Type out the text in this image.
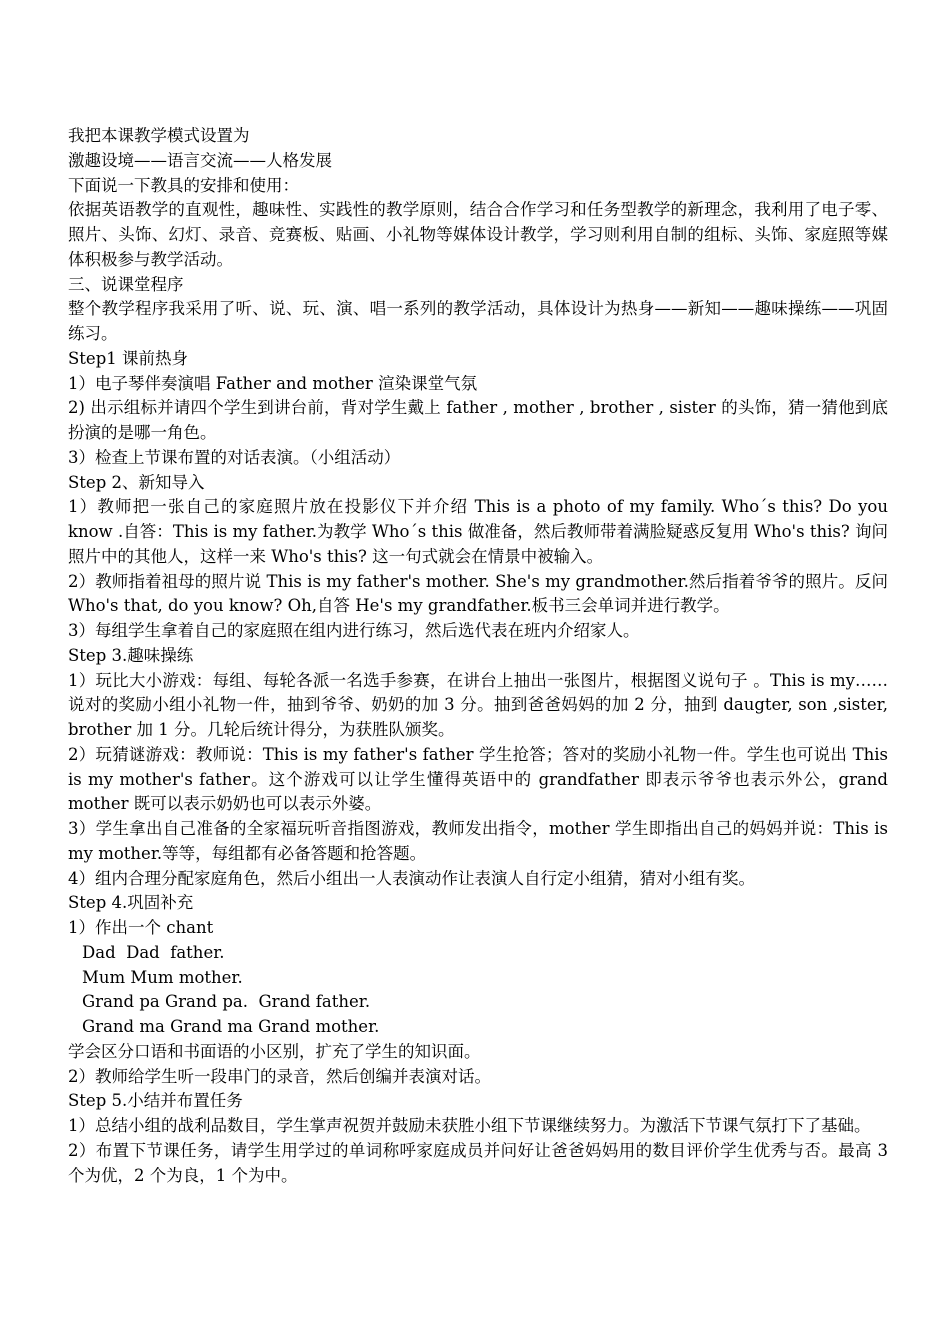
我把本课教学模式设置为
激趣设境——语言交流——人格发展
下面说一下教具的安排和使用：
依据英语教学的直观性，趣味性、实践性的教学原则，结合合作学习和任务型教学的新理念，我利用了电子零、照片、头饰、幻灯、录音、竞赛板、贴画、小礼物等媒体设计教学，学习则利用自制的组标、头饰、家庭照等媒体积极参与教学活动。
三、说课堂程序
整个教学程序我采用了听、说、玩、演、唱一系列的教学活动，具体设计为热身——新知——趣味操练——巩固练习。
Step1 课前热身
1）电子琴伴奏演唱 Father and mother 渲染课堂气氛
2) 出示组标并请四个学生到讲台前，背对学生戴上 father , mother , brother , sister 的头饰，猜一猜他到底扮演的是哪一角色。
3）检查上节课布置的对话表演。（小组活动）
Step 2、新知导入
1）教师把一张自己的家庭照片放在投影仪下并介绍 This is a photo of my family. Who´s this? Do you know .自答：This is my father.为教学 Who´s this 做准备，然后教师带着满脸疑惑反复用 Who's this? 询问照片中的其他人，这样一来 Who's this? 这一句式就会在情景中被输入。
2）教师指着祖母的照片说 This is my father's mother. She's my grandmother.然后指着爷爷的照片。反问 Who's that, do you know? Oh,自答 He's my grandfather.板书三会单词并进行教学。
3）每组学生拿着自己的家庭照在组内进行练习，然后选代表在班内介绍家人。
Step 3.趣味操练
1）玩比大小游戏：每组、每轮各派一名选手参赛，在讲台上抽出一张图片，根据图义说句子 。This is my……说对的奖励小组小礼物一件，抽到爷爷、奶奶的加 3 分。抽到爸爸妈妈的加 2 分，抽到 daugter, son ,sister, brother 加 1 分。几轮后统计得分，为获胜队颁奖。
2）玩猜谜游戏：教师说：This is my father's father 学生抢答；答对的奖励小礼物一件。学生也可说出 This is my mother's father。这个游戏可以让学生懂得英语中的 grandfather 即表示爷爷也表示外公，grand mother 既可以表示奶奶也可以表示外婆。
3）学生拿出自己准备的全家福玩听音指图游戏，教师发出指令，mother 学生即指出自己的妈妈并说：This is my mother.等等，每组都有必备答题和抢答题。
4）组内合理分配家庭角色，然后小组出一人表演动作让表演人自行定小组猜，猜对小组有奖。
Step 4.巩固补充
1）作出一个 chant
Dad  Dad  father.
Mum Mum mother.
Grand pa Grand pa.  Grand father.
Grand ma Grand ma Grand mother.
学会区分口语和书面语的小区别，扩充了学生的知识面。
2）教师给学生听一段串门的录音，然后创编并表演对话。
Step 5.小结并布置任务
1）总结小组的战利品数目，学生掌声祝贺并鼓励未获胜小组下节课继续努力。为激活下节课气氛打下了基础。
2）布置下节课任务，请学生用学过的单词称呼家庭成员并问好让爸爸妈妈用的数目评价学生优秀与否。最高 3 个为优，2 个为良，1 个为中。
